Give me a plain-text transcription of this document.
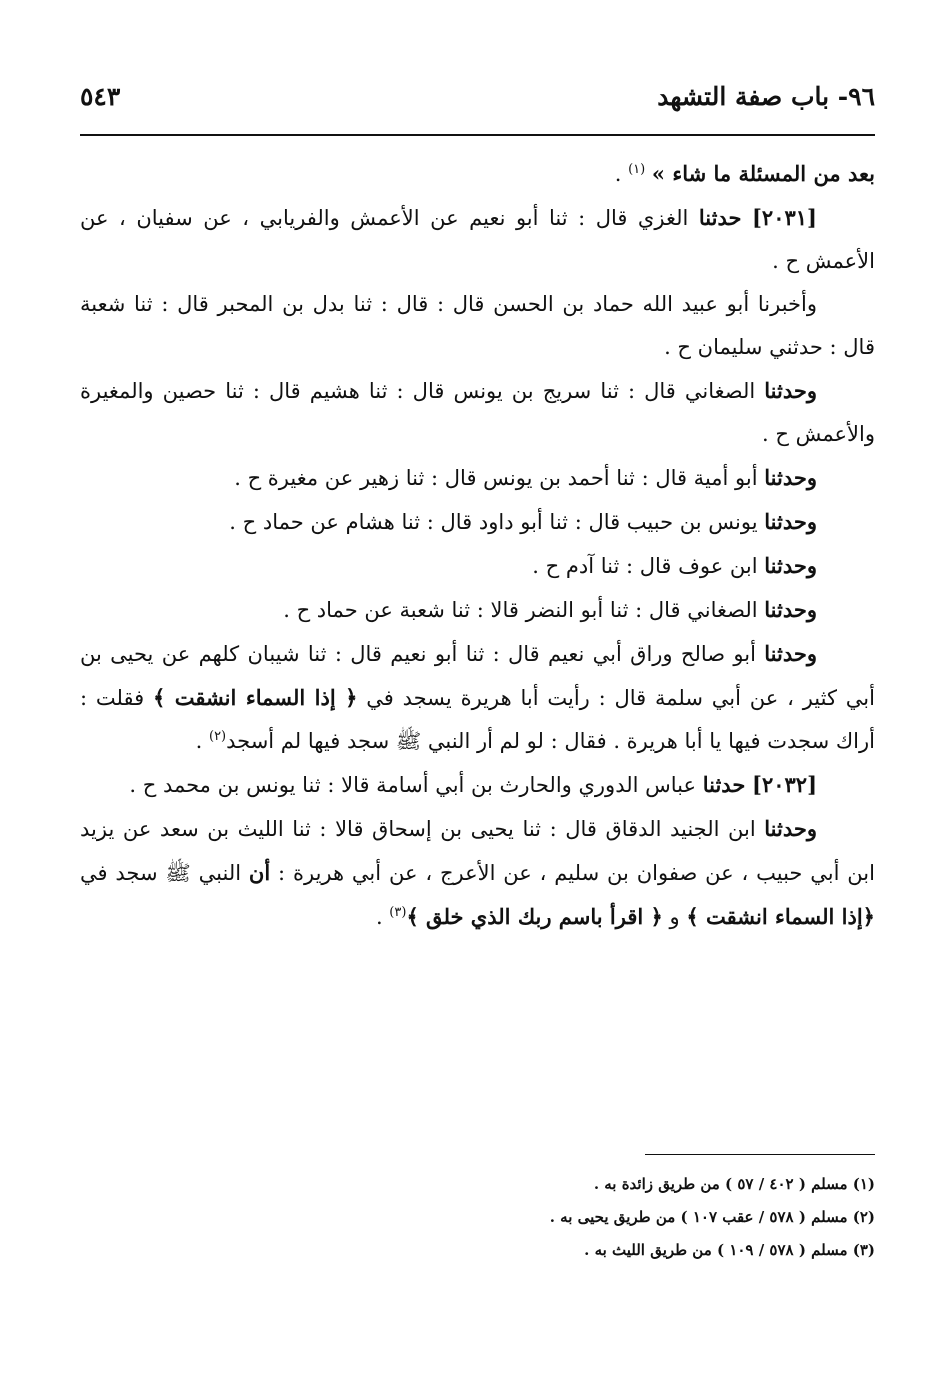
٩٦- باب صفة التشهد
٥٤٣

بعد من المسئلة ما شاء » $^{(١)}$ .

[٢٠٣١] حدثنا الغزي قال : ثنا أبو نعيم عن الأعمش والفريابي ، عن سفيان ، عن الأعمش ح .

وأخبرنا أبو عبيد الله حماد بن الحسن قال : قال : ثنا بدل بن المحبر قال : ثنا شعبة قال : حدثني سليمان ح .

وحدثنا الصغاني قال : ثنا سريج بن يونس قال : ثنا هشيم قال : ثنا حصين والمغيرة والأعمش ح .

وحدثنا أبو أمية قال : ثنا أحمد بن يونس قال : ثنا زهير عن مغيرة ح .

وحدثنا يونس بن حبيب قال : ثنا أبو داود قال : ثنا هشام عن حماد ح .

وحدثنا ابن عوف قال : ثنا آدم ح .

وحدثنا الصغاني قال : ثنا أبو النضر قالا : ثنا شعبة عن حماد ح .

وحدثنا أبو صالح وراق أبي نعيم قال : ثنا أبو نعيم قال : ثنا شيبان كلهم عن يحيى بن أبي كثير ، عن أبي سلمة قال : رأيت أبا هريرة يسجد في ﴿ إذا السماء انشقت ﴾ فقلت : أراك سجدت فيها يا أبا هريرة . فقال : لو لم أر النبي ﷺ سجد فيها لم أسجد$^{(٢)}$ .

[٢٠٣٢] حدثنا عباس الدوري والحارث بن أبي أسامة قالا : ثنا يونس بن محمد ح .

وحدثنا ابن الجنيد الدقاق قال : ثنا يحيى بن إسحاق قالا : ثنا الليث بن سعد عن يزيد ابن أبي حبيب ، عن صفوان بن سليم ، عن الأعرج ، عن أبي هريرة : أن النبي ﷺ سجد في ﴿إذا السماء انشقت ﴾ و ﴿ اقرأ باسم ربك الذي خلق ﴾$^{(٣)}$ .

(١) مسلم ( ٤٠٢ / ٥٧ ) من طريق زائدة به .
(٢) مسلم ( ٥٧٨ / عقب ١٠٧ ) من طريق يحيى به .
(٣) مسلم ( ٥٧٨ / ١٠٩ ) من طريق الليث به .
